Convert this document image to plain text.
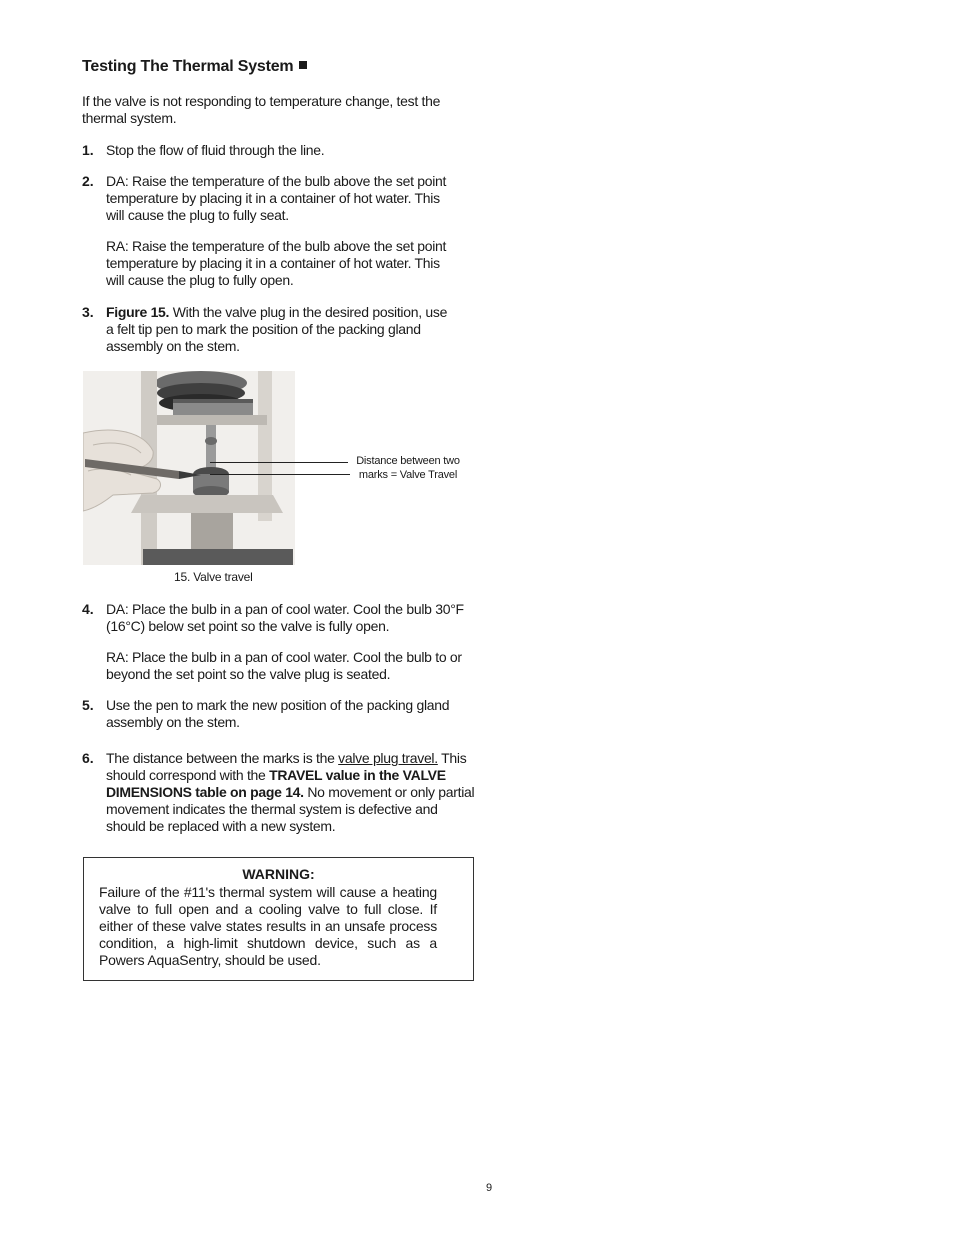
Testing The Thermal System
If the valve is not responding to temperature change, test the thermal system.
1. Stop the flow of fluid through the line.
2. DA: Raise the temperature of the bulb above the set point temperature by placing it in a container of hot water. This will cause the plug to fully seat.
RA: Raise the temperature of the bulb above the set point temperature by placing it in a container of hot water. This will cause the plug to fully open.
3. Figure 15. With the valve plug in the desired position, use a felt tip pen to mark the position of the packing gland assembly on the stem.
Distance between two marks = Valve Travel
15. Valve travel
4. DA: Place the bulb in a pan of cool water. Cool the bulb 30°F (16°C) below set point so the valve is fully open.
RA: Place the bulb in a pan of cool water. Cool the bulb to or beyond the set point so the valve plug is seated.
5. Use the pen to mark the new position of the packing gland assembly on the stem.
6. The distance between the marks is the valve plug travel. This should correspond with the TRAVEL value in the VALVE DIMENSIONS table on page 14. No movement or only partial movement indicates the thermal system is defective and should be replaced with a new system.
WARNING:
Failure of the #11's thermal system will cause a heating valve to full open and a cooling valve to full close. If either of these valve states results in an unsafe process condition, a high-limit shutdown device, such as a Powers AquaSentry, should be used.
9
